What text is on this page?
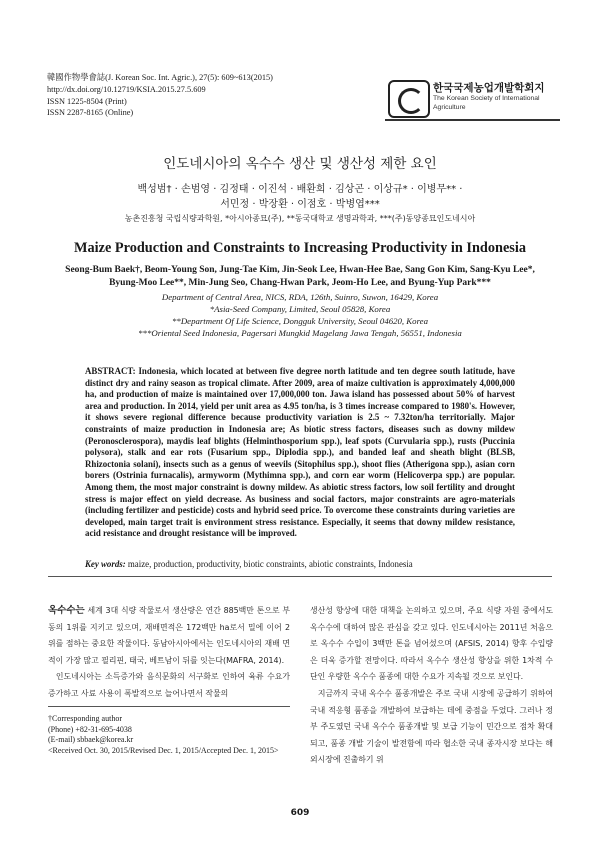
韓國作物學會誌(J. Korean Soc. Int. Agric.), 27(5): 609~613(2015)
http://dx.doi.org/10.12719/KSIA.2015.27.5.609
ISSN 1225-8504 (Print)
ISSN 2287-8165 (Online)
한국국제농업개발학회지
The Korean Society of International Agriculture
인도네시아의 옥수수 생산 및 생산성 제한 요인
백성범† · 손범영 · 김정태 · 이진석 · 배환희 · 김상곤 · 이상규* · 이병무** ·
서민정 · 박장환 · 이점호 · 박병엽***
농촌진흥청 국립식량과학원, *아시아종묘(주), **동국대학교 생명과학과, ***(주)동양종묘인도네시아
Maize Production and Constraints to Increasing Productivity in Indonesia
Seong-Bum Baek†, Beom-Young Son, Jung-Tae Kim, Jin-Seok Lee, Hwan-Hee Bae, Sang Gon Kim, Sang-Kyu Lee*,
Byung-Moo Lee**, Min-Jung Seo, Chang-Hwan Park, Jeom-Ho Lee, and Byung-Yup Park***
Department of Central Area, NICS, RDA, 126th, Suinro, Suwon, 16429, Korea
*Asia-Seed Company, Limited, Seoul 05828, Korea
**Department Of Life Science, Dongguk University, Seoul 04620, Korea
***Oriental Seed Indonesia, Pagersari Mungkid Magelang Jawa Tengah, 56551, Indonesia
ABSTRACT: Indonesia, which located at between five degree north latitude and ten degree south latitude, have distinct dry and rainy season as tropical climate. After 2009, area of maize cultivation is approximately 4,000,000 ha, and production of maize is maintained over 17,000,000 ton. Jawa island has possessed about 50% of harvest area and production. In 2014, yield per unit area as 4.95 ton/ha, is 3 times increase compared to 1980's. However, it shows severe regional difference because productivity variation is 2.5 ~ 7.32ton/ha territorially. Major constraints of maize production in Indonesia are; As biotic stress factors, diseases such as downy mildew (Peronosclerospora), maydis leaf blights (Helminthosporium spp.), leaf spots (Curvularia spp.), rusts (Puccinia polysora), stalk and ear rots (Fusarium spp., Diplodia spp.), and banded leaf and sheath blight (BLSB, Rhizoctonia solani), insects such as a genus of weevils (Sitophilus spp.), shoot flies (Atherigona spp.), asian corn borers (Ostrinia furnacalis), armyworm (Mythimna spp.), and corn ear worm (Helicoverpa spp.) are popular. Among them, the most major constraint is downy mildew. As abiotic stress factors, low soil fertility and drought stress is major effect on yield decrease. As business and social factors, major constraints are agro-materials (including fertilizer and pesticide) costs and hybrid seed price. To overcome these constraints during varieties are developed, main target trait is environment stress resistance. Especially, it seems that downy mildew resistance, acid resistance and drought resistance will be improved.
Key words: maize, production, productivity, biotic constraints, abiotic constraints, Indonesia

옥수수는 세계 3대 식량 작물로서 생산량은 연간 885백만 톤으로 부동의 1위를 지키고 있으며, 재배면적은 172백만 ha로서 밀에 이어 2위를 점하는 중요한 작물이다. 동남아시아에서는 인도네시아의 재배 면적이 가장 많고 필리핀, 태국, 베트남이 뒤를 잇는다(MAFRA, 2014).

인도네시아는 소득증가와 음식문화의 서구화로 인하여 육류 수요가 증가하고 사료 사용이 폭발적으로 늘어나면서 작물의

생산성 향상에 대한 대책을 논의하고 있으며, 주요 식량 자원 중에서도 옥수수에 대하여 많은 관심을 갖고 있다. 인도네시아는 2011년 처음으로 옥수수 수입이 3백만 톤을 넘어섰으며 (AFSIS, 2014) 향후 수입량은 더욱 증가할 전망이다. 따라서 옥수수 생산성 향상을 위한 1차적 수단인 우량한 옥수수 품종에 대한 수요가 지속될 것으로 보인다.

지금까지 국내 옥수수 품종개발은 주로 국내 시장에 공급하기 위하여 국내 적응형 품종을 개발하여 보급하는 데에 중점을 두었다. 그러나 정부 주도였던 국내 옥수수 품종개발 및 보급 기능이 민간으로 점차 확대되고, 품종 개발 기술이 발전함에 따라 협소한 국내 종자시장 보다는 해외시장에 진출하기 위

†Corresponding author
(Phone) +82-31-695-4038
(E-mail) sbbaek@korea.kr
<Received Oct. 30, 2015/Revised Dec. 1, 2015/Accepted Dec. 1, 2015>
609
